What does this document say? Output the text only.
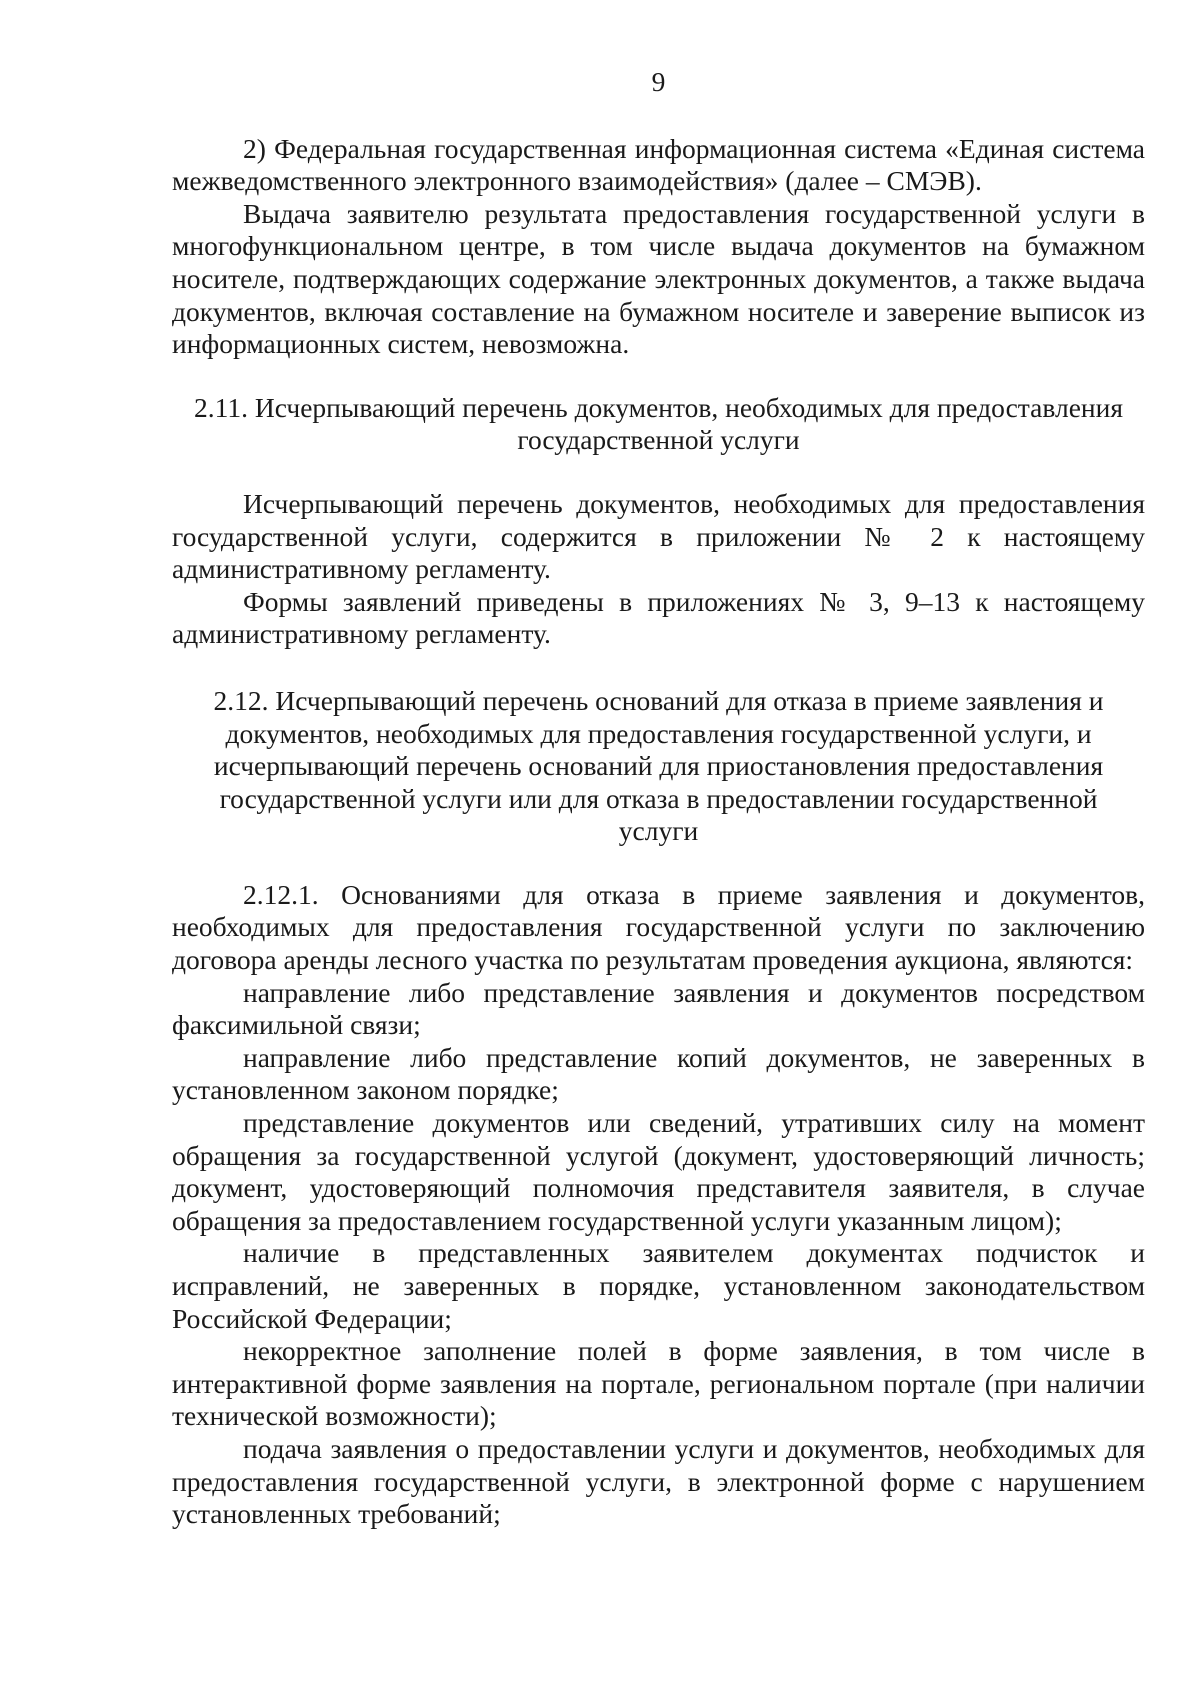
9

2) Федеральная государственная информационная система «Единая система межведомственного электронного взаимодействия» (далее – СМЭВ).

Выдача заявителю результата предоставления государственной услуги в многофункциональном центре, в том числе выдача документов на бумажном носителе, подтверждающих содержание электронных документов, а также выдача документов, включая составление на бумажном носителе и заверение выписок из информационных систем, невозможна.

2.11. Исчерпывающий перечень документов, необходимых для предоставления государственной услуги

Исчерпывающий перечень документов, необходимых для предоставления государственной услуги, содержится в приложении № 2 к настоящему административному регламенту.

Формы заявлений приведены в приложениях № 3, 9–13 к настоящему административному регламенту.

2.12. Исчерпывающий перечень оснований для отказа в приеме заявления и документов, необходимых для предоставления государственной услуги, и исчерпывающий перечень оснований для приостановления предоставления государственной услуги или для отказа в предоставлении государственной услуги

2.12.1. Основаниями для отказа в приеме заявления и документов, необходимых для предоставления государственной услуги по заключению договора аренды лесного участка по результатам проведения аукциона, являются:

направление либо представление заявления и документов посредством факсимильной связи;

направление либо представление копий документов, не заверенных в установленном законом порядке;

представление документов или сведений, утративших силу на момент обращения за государственной услугой (документ, удостоверяющий личность; документ, удостоверяющий полномочия представителя заявителя, в случае обращения за предоставлением государственной услуги указанным лицом);

наличие в представленных заявителем документах подчисток и исправлений, не заверенных в порядке, установленном законодательством Российской Федерации;

некорректное заполнение полей в форме заявления, в том числе в интерактивной форме заявления на портале, региональном портале (при наличии технической возможности);

подача заявления о предоставлении услуги и документов, необходимых для предоставления государственной услуги, в электронной форме с нарушением установленных требований;
